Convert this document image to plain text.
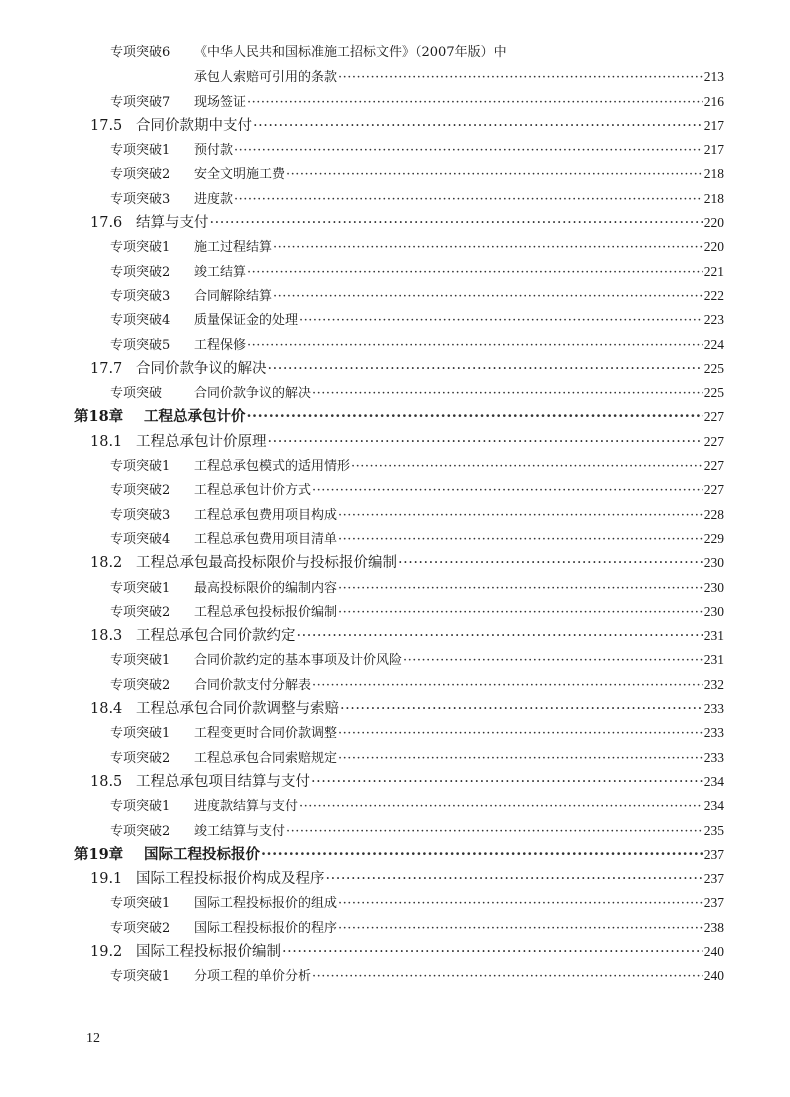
专项突破6	《中华人民共和国标准施工招标文件》（2007年版）中
承包人索赔可引用的条款 ·····	213
专项突破7	现场签证 ·····	216
17.5 合同价款期中支付 ·····	217
专项突破1	预付款 ·····	217
专项突破2	安全文明施工费 ·····	218
专项突破3	进度款 ·····	218
17.6 结算与支付 ·····	220
专项突破1	施工过程结算 ·····	220
专项突破2	竣工结算 ·····	221
专项突破3	合同解除结算 ·····	222
专项突破4	质量保证金的处理 ·····	223
专项突破5	工程保修 ·····	224
17.7 合同价款争议的解决 ·····	225
专项突破	合同价款争议的解决 ·····	225
第18章	工程总承包计价 ·····	227
18.1 工程总承包计价原理 ·····	227
专项突破1	工程总承包模式的适用情形 ·····	227
专项突破2	工程总承包计价方式 ·····	227
专项突破3	工程总承包费用项目构成 ·····	228
专项突破4	工程总承包费用项目清单 ·····	229
18.2 工程总承包最高投标限价与投标报价编制 ·····	230
专项突破1	最高投标限价的编制内容 ·····	230
专项突破2	工程总承包投标报价编制 ·····	230
18.3 工程总承包合同价款约定 ·····	231
专项突破1	合同价款约定的基本事项及计价风险 ·····	231
专项突破2	合同价款支付分解表 ·····	232
18.4 工程总承包合同价款调整与索赔 ·····	233
专项突破1	工程变更时合同价款调整 ·····	233
专项突破2	工程总承包合同索赔规定 ·····	233
18.5 工程总承包项目结算与支付 ·····	234
专项突破1	进度款结算与支付 ·····	234
专项突破2	竣工结算与支付 ·····	235
第19章	国际工程投标报价 ·····	237
19.1 国际工程投标报价构成及程序 ·····	237
专项突破1	国际工程投标报价的组成 ·····	237
专项突破2	国际工程投标报价的程序 ·····	238
19.2 国际工程投标报价编制 ·····	240
专项突破1	分项工程的单价分析 ·····	240
12
